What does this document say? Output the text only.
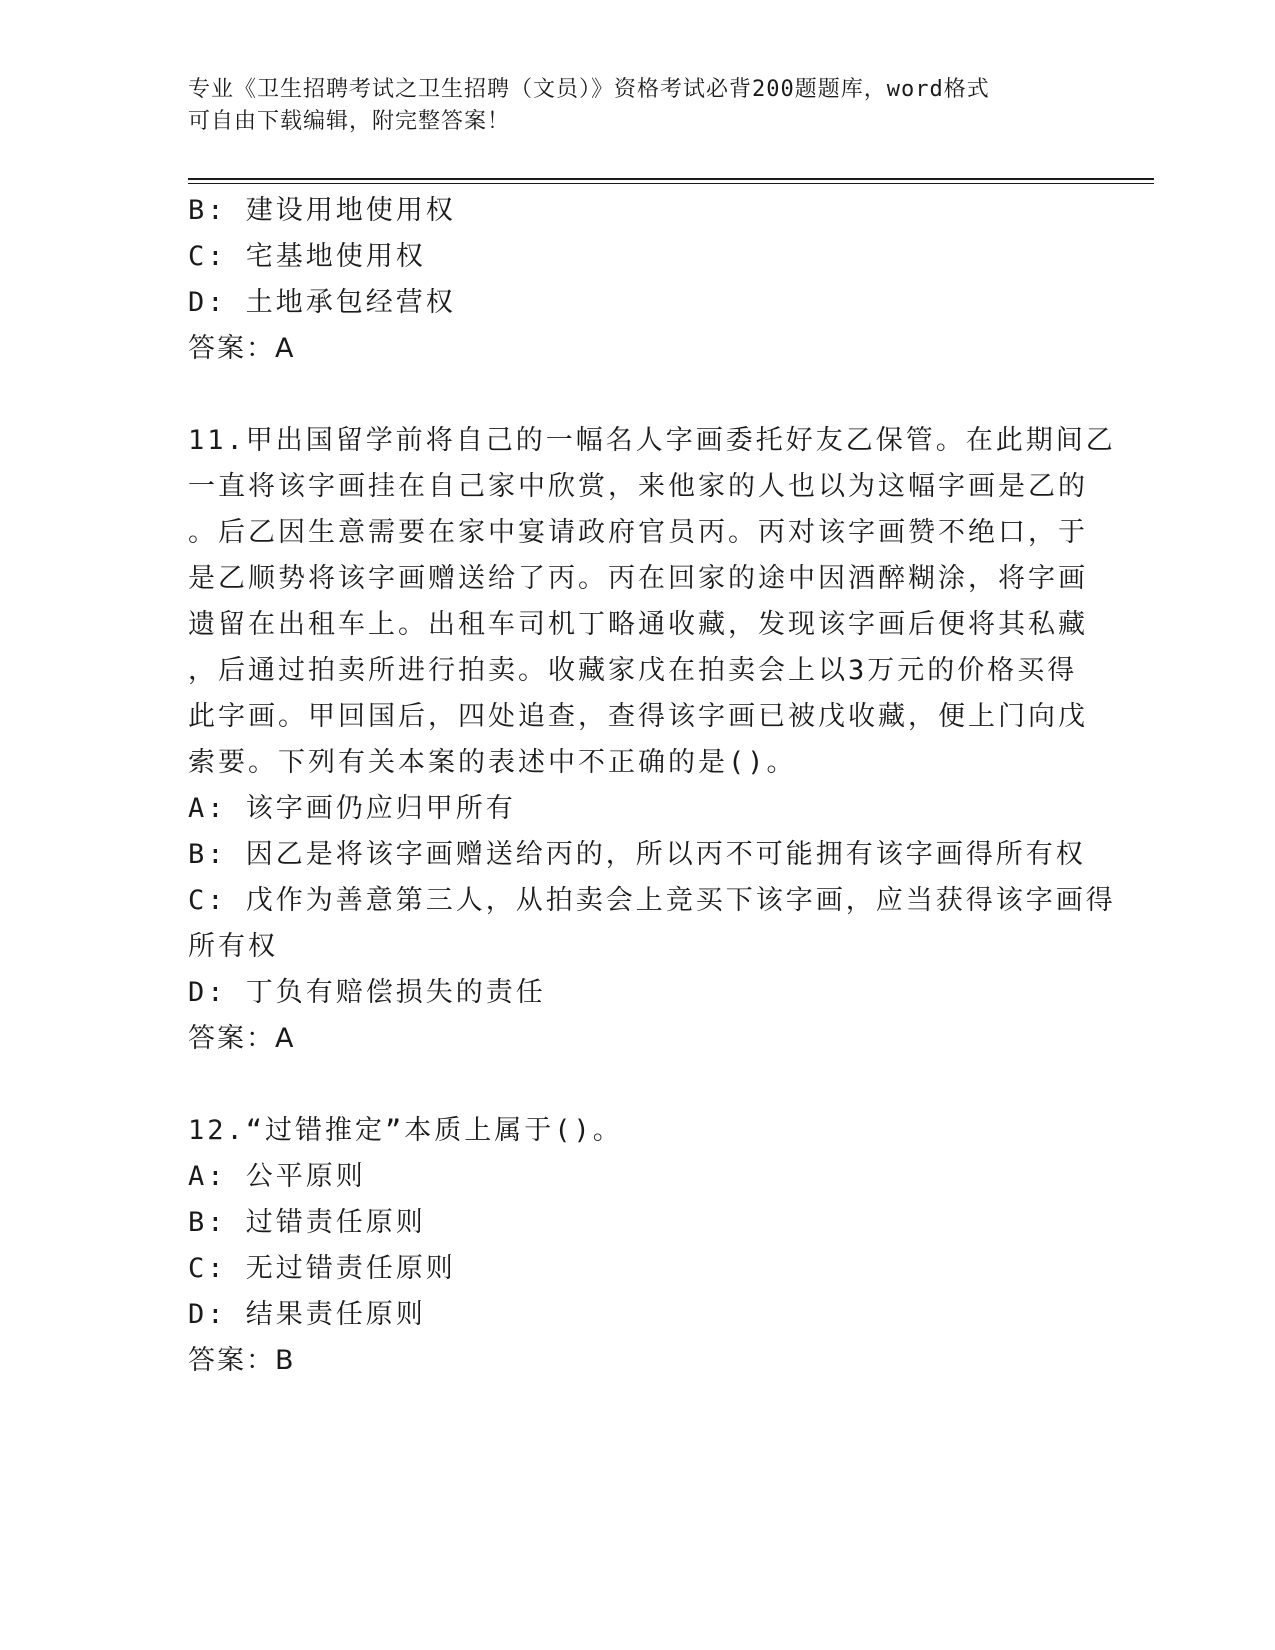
专业《卫生招聘考试之卫生招聘（文员）》资格考试必背200题题库，word格式
可自由下载编辑，附完整答案！
B: 建设用地使用权
C: 宅基地使用权
D: 土地承包经营权
答案：A
11.甲出国留学前将自己的一幅名人字画委托好友乙保管。在此期间乙
一直将该字画挂在自己家中欣赏，来他家的人也以为这幅字画是乙的
。后乙因生意需要在家中宴请政府官员丙。丙对该字画赞不绝口，于
是乙顺势将该字画赠送给了丙。丙在回家的途中因酒醉糊涂，将字画
遗留在出租车上。出租车司机丁略通收藏，发现该字画后便将其私藏
，后通过拍卖所进行拍卖。收藏家戊在拍卖会上以3万元的价格买得
此字画。甲回国后，四处追查，查得该字画已被戊收藏，便上门向戊
索要。下列有关本案的表述中不正确的是()。
A: 该字画仍应归甲所有
B: 因乙是将该字画赠送给丙的，所以丙不可能拥有该字画得所有权
C: 戊作为善意第三人，从拍卖会上竞买下该字画，应当获得该字画得
所有权
D: 丁负有赔偿损失的责任
答案：A
12.“过错推定”本质上属于()。
A: 公平原则
B: 过错责任原则
C: 无过错责任原则
D: 结果责任原则
答案：B
